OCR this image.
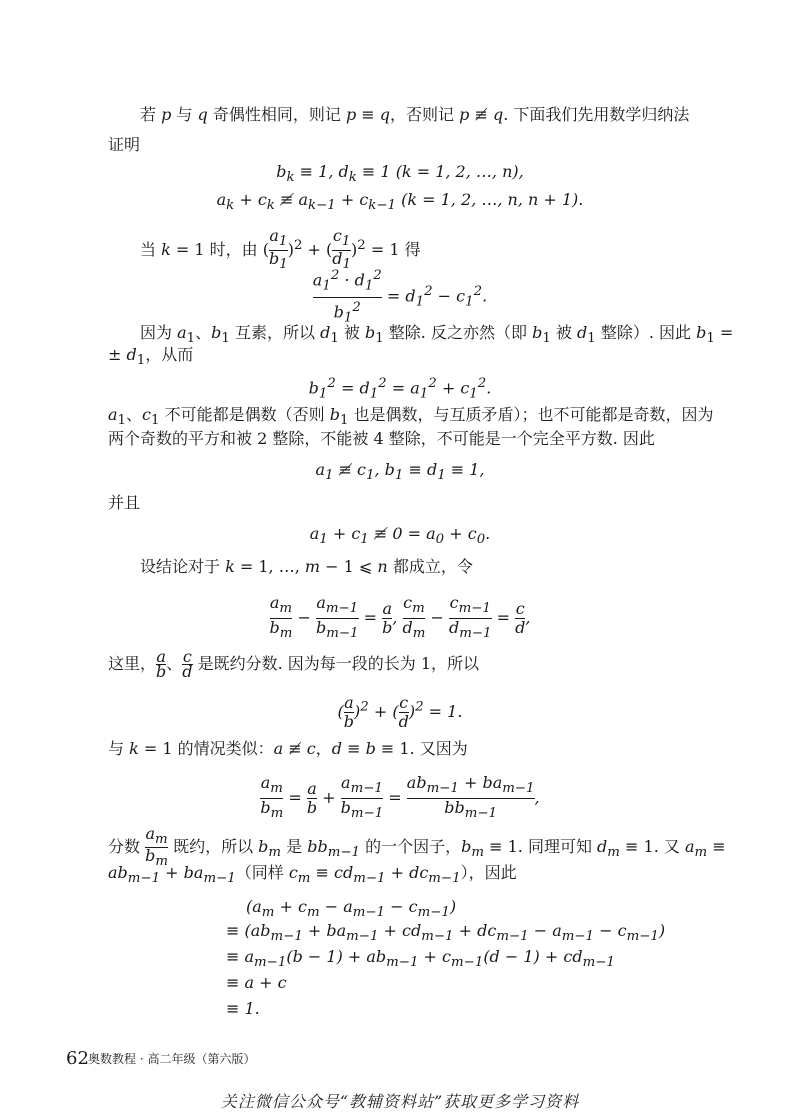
若 p 与 q 奇偶性相同，则记 p ≡ q，否则记 p ≢ q. 下面我们先用数学归纳法
证明
$b_k \equiv 1$, $d_k \equiv 1$ (k = 1, 2, …, n),
$a_k + c_k$ ≢ $a_{k-1} + c_{k-1}$ (k = 1, 2, …, n, n + 1).
当 k = 1 时，由 ( $\frac{a_1}{b_1} )^2$ + ( $\frac{c_1}{d_1} )^2 = 1$ 得
$\frac{a_1^2 \cdot d_1^2}{b_1^2} = d_1^2 - c_1^2$.
因为 $a_1$、$b_1$ 互素，所以 $d_1$ 被 $b_1$ 整除. 反之亦然（即 $b_1$ 被 $d_1$ 整除）. 因此 $b_1$ =
± $d_1$，从而
$b_1^2 = d_1^2 = a_1^2 + c_1^2$.
$a_1$、$c_1$ 不可能都是偶数（否则 $b_1$ 也是偶数，与互质矛盾）；也不可能都是奇数，因为
两个奇数的平方和被 2 整除，不能被 4 整除，不可能是一个完全平方数. 因此
$a_1$ ≢ $c_1$, $b_1 \equiv d_1 \equiv 1$,
并且
$a_1 + c_1$ ≢ $0 = a_0 + c_0$.
设结论对于 k = 1, …, m − 1 ⩽ n 都成立，令
$\frac{a_m}{b_m} - \frac{a_{m-1}}{b_{m-1}} = \frac{a}{b}$ , $\frac{c_m}{d_m} - \frac{c_{m-1}}{d_{m-1}} = \frac{c}{d}$ ,
这里， $\frac{a}{b}$ 、 $\frac{c}{d}$ 是既约分数. 因为每一段的长为 1，所以
( $\frac{a}{b} )^2$ + ( $\frac{c}{d} )^2 = 1$.
与 k = 1 的情况类似：a ≢ c，d ≡ b ≡ 1. 又因为
$\frac{a_m}{b_m} = \frac{a}{b} + \frac{a_{m-1}}{b_{m-1}}$ =
$ab_{m-1} + ba_{m-1}$
$bb_{m-1}$
,
分数 $\frac{a_m}{b_m}$ 既约，所以 $b_m$ 是 $bb_{m-1}$ 的一个因子，$b_m \equiv 1$. 同理可知 $d_m \equiv 1$. 又 $a_m$ ≡
$ab_{m-1} + ba_{m-1}$（同样 $c_m \equiv cd_{m-1} + dc_{m-1}$），因此
$(a_m + c_m - a_{m-1} - c_{m-1})$
≡ $(ab_{m-1} + ba_{m-1} + cd_{m-1} + dc_{m-1} - a_{m-1} - c_{m-1})$
≡ $a_{m-1}(b - 1) + ab_{m-1} + c_{m-1}(d - 1) + cd_{m-1}$
≡ a + c
≡ 1.
62 奥数教程 · 高二年级（第六版）
关注微信公众号“教辅资料站”获取更多学习资料
